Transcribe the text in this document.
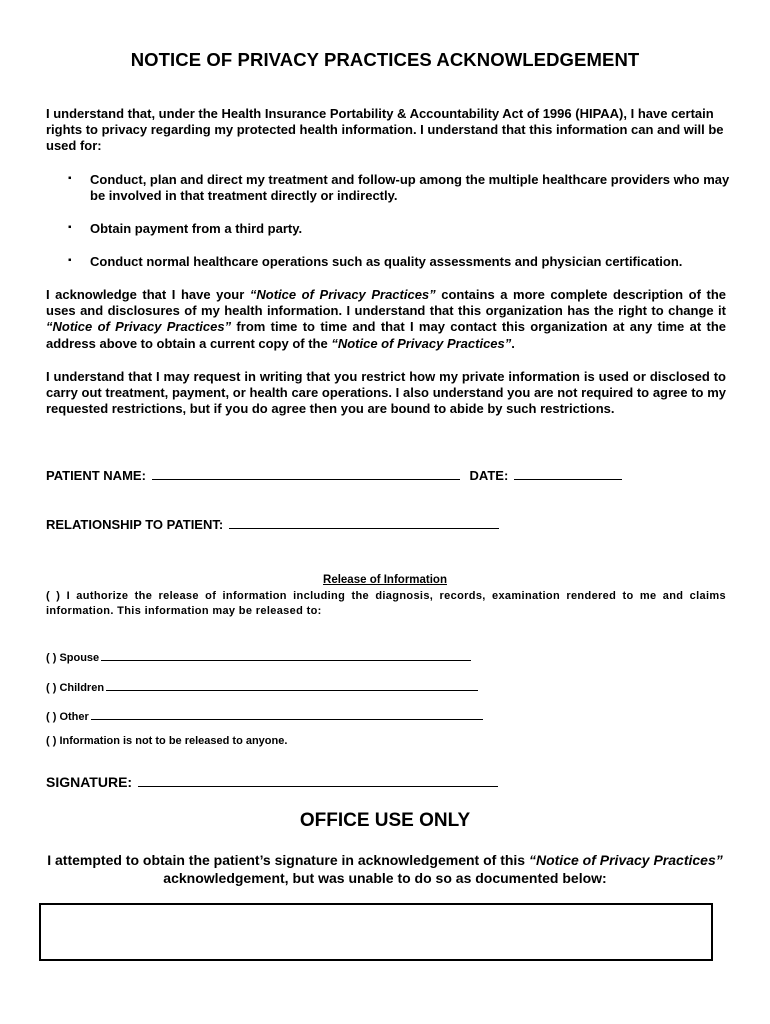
NOTICE OF PRIVACY PRACTICES ACKNOWLEDGEMENT
I understand that, under the Health Insurance Portability & Accountability Act of 1996 (HIPAA), I have certain rights to privacy regarding my protected health information. I understand that this information can and will be used for:
▪ Conduct, plan and direct my treatment and follow-up among the multiple healthcare providers who may be involved in that treatment directly or indirectly.
▪ Obtain payment from a third party.
▪ Conduct normal healthcare operations such as quality assessments and physician certification.
I acknowledge that I have your “Notice of Privacy Practices” contains a more complete description of the uses and disclosures of my health information. I understand that this organization has the right to change it “Notice of Privacy Practices” from time to time and that I may contact this organization at any time at the address above to obtain a current copy of the “Notice of Privacy Practices”.
I understand that I may request in writing that you restrict how my private information is used or disclosed to carry out treatment, payment, or health care operations. I also understand you are not required to agree to my requested restrictions, but if you do agree then you are bound to abide by such restrictions.
PATIENT NAME:	DATE:
RELATIONSHIP TO PATIENT:
Release of Information
( ) I authorize the release of information including the diagnosis, records, examination rendered to me and claims information. This information may be released to:
( ) Spouse
( ) Children
( ) Other
( ) Information is not to be released to anyone.
SIGNATURE:
OFFICE USE ONLY
I attempted to obtain the patient’s signature in acknowledgement of this “Notice of Privacy Practices” acknowledgement, but was unable to do so as documented below:
